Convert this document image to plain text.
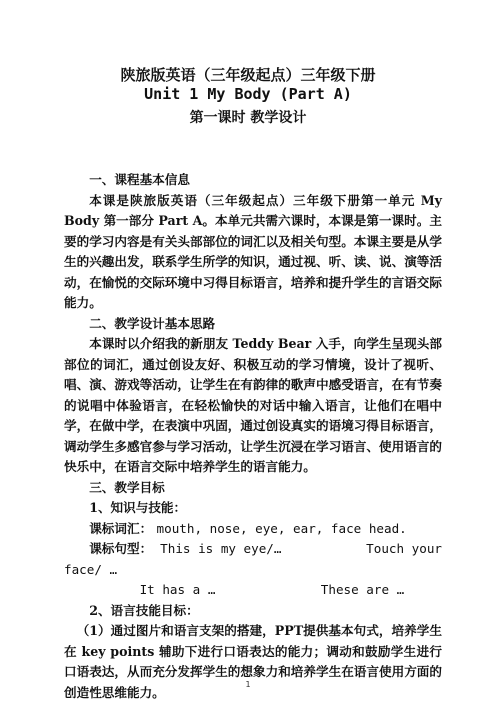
陕旅版英语（三年级起点）三年级下册
Unit 1 My Body (Part A)
第一课时 教学设计

一、课程基本信息

本课是陕旅版英语（三年级起点）三年级下册第一单元 My Body 第一部分 Part A。本单元共需六课时，本课是第一课时。主要的学习内容是有关头部部位的词汇以及相关句型。本课主要是从学生的兴趣出发，联系学生所学的知识，通过视、听、读、说、演等活动，在愉悦的交际环境中习得目标语言，培养和提升学生的言语交际能力。

二、教学设计基本思路

本课时以介绍我的新朋友 Teddy Bear 入手，向学生呈现头部部位的词汇，通过创设友好、积极互动的学习情境，设计了视听、唱、演、游戏等活动，让学生在有韵律的歌声中感受语言，在有节奏的说唱中体验语言，在轻松愉快的对话中输入语言，让他们在唱中学，在做中学，在表演中巩固，通过创设真实的语境习得目标语言，调动学生多感官参与学习活动，让学生沉浸在学习语言、使用语言的快乐中，在语言交际中培养学生的语言能力。

三、教学目标

1、知识与技能：

课标词汇： mouth, nose, eye, ear, face head.

课标句型： This is my eye/…	Touch your

face/ …

It has a …	These are …

2、语言技能目标：

（1）通过图片和语言支架的搭建，PPT提供基本句式，培养学生在 key points 辅助下进行口语表达的能力；调动和鼓励学生进行口语表达，从而充分发挥学生的想象力和培养学生在语言使用方面的创造性思维能力。	1
